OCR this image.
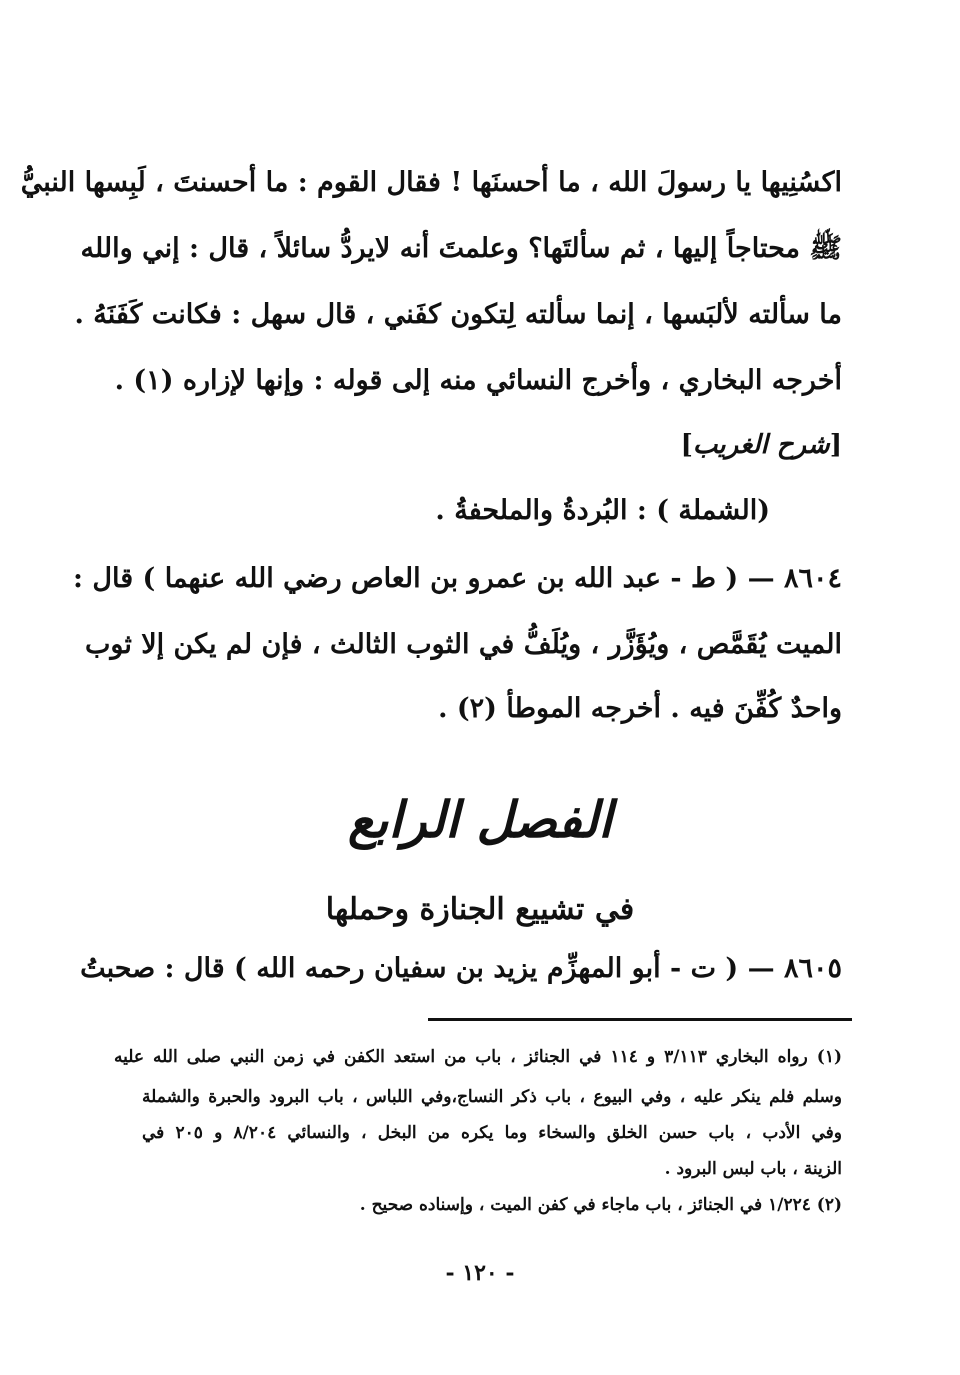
اكسُنِيها يا رسولَ الله ، ما أحسنَها ! فقال القوم : ما أحسنتَ ، لَبِسها النبيُّ
ﷺ محتاجاً إليها ، ثم سألتَها؟ وعلمتَ أنه لايردُّ سائلاً ، قال : إني والله
ما سألته لألبَسها ، إنما سألته لِتكون كفَني ، قال سهل : فكانت كَفَنَهُ .
أخرجه البخاري ، وأخرج النسائي منه إلى قوله : وإنها لإزاره (١) .
[شرح الغريب]
(الشملة ) : البُردةُ والملحفةُ .
٨٦٠٤ — ( ط - عبد الله بن عمرو بن العاص رضي الله عنهما ) قال :
الميت يُقَمَّص ، ويُؤَزَّر ، ويُلَفُّ في الثوب الثالث ، فإن لم يكن إلا ثوب
واحدٌ كُفِّنَ فيه . أخرجه الموطأ (٢) .
الفصل الرابع
في تشييع الجنازة وحملها
٨٦٠٥ — ( ت - أبو المهزِّم يزيد بن سفيان رحمه الله ) قال : صحبتُ
(١) رواه البخاري ٣/١١٣ و ١١٤ في الجنائز ، باب من استعد الكفن في زمن النبي صلى الله عليه
وسلم فلم ينكر عليه ، وفي البيوع ، باب ذكر النساج،وفي اللباس ، باب البرود والحبرة والشملة
وفي الأدب ، باب حسن الخلق والسخاء وما يكره من البخل ، والنسائي ٨/٢٠٤ و ٢٠٥ في
الزينة ، باب لبس البرود .
(٢) ١/٢٢٤ في الجنائز ، باب ماجاء في كفن الميت ، وإسناده صحيح .
- ١٢٠ -
